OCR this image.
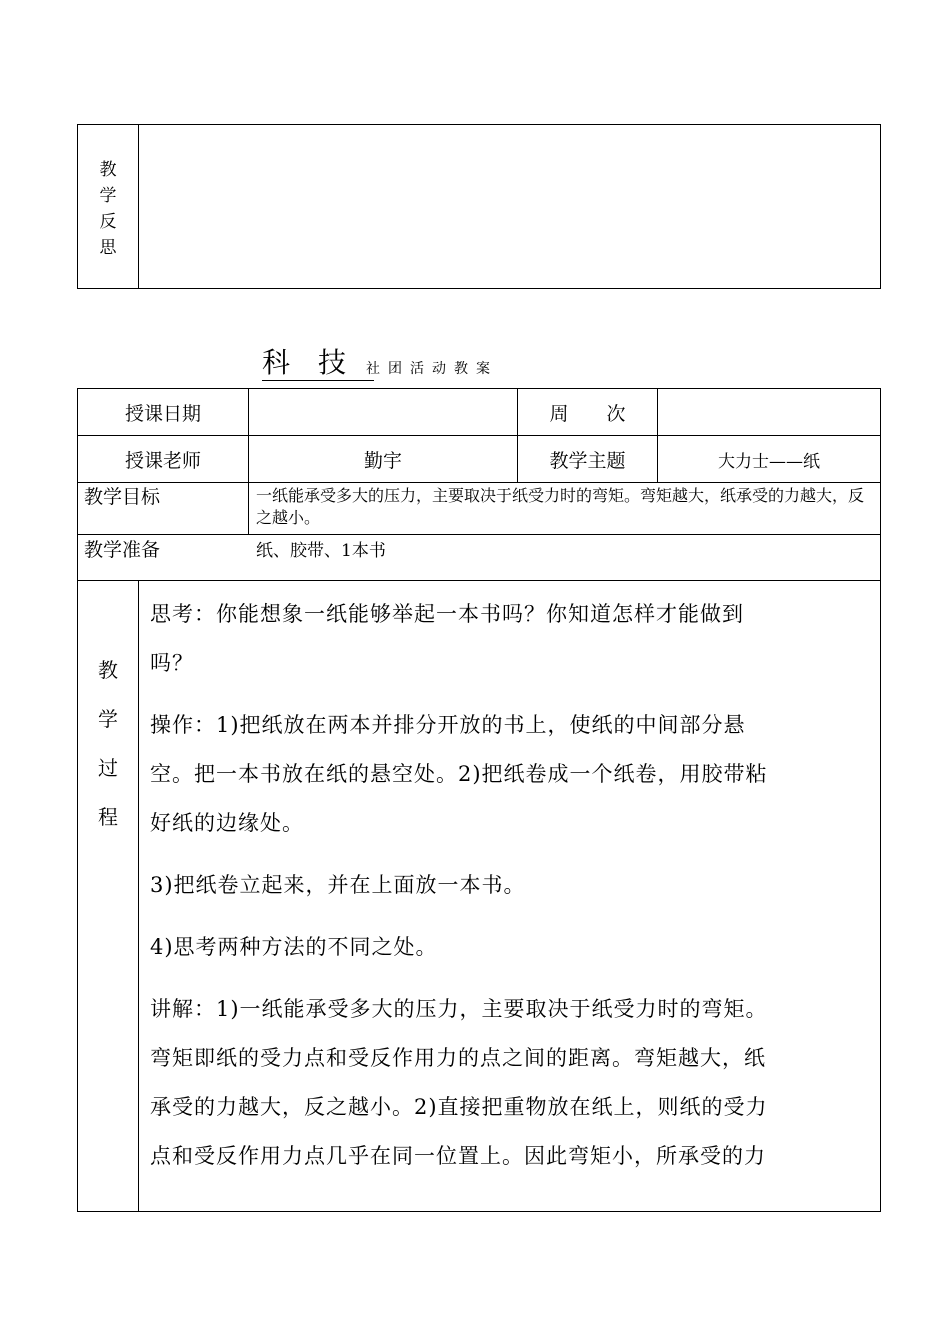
教
学
反
思
科技
社团活动教案
授课日期	周　　次
授课老师	勤宇	教学主题	大力士——纸
教学目标	一纸能承受多大的压力，主要取决于纸受力时的弯矩。弯矩越大，纸承受的力越大，反之越小。
教学准备	纸、胶带、1本书
教
学
过
程

思考：你能想象一纸能够举起一本书吗？你知道怎样才能做到

吗？

操作：1)把纸放在两本并排分开放的书上，使纸的中间部分悬

空。把一本书放在纸的悬空处。2)把纸卷成一个纸卷，用胶带粘

好纸的边缘处。

3)把纸卷立起来，并在上面放一本书。

4)思考两种方法的不同之处。

讲解：1)一纸能承受多大的压力，主要取决于纸受力时的弯矩。

弯矩即纸的受力点和受反作用力的点之间的距离。弯矩越大，纸

承受的力越大，反之越小。2)直接把重物放在纸上，则纸的受力

点和受反作用力点几乎在同一位置上。因此弯矩小，所承受的力
